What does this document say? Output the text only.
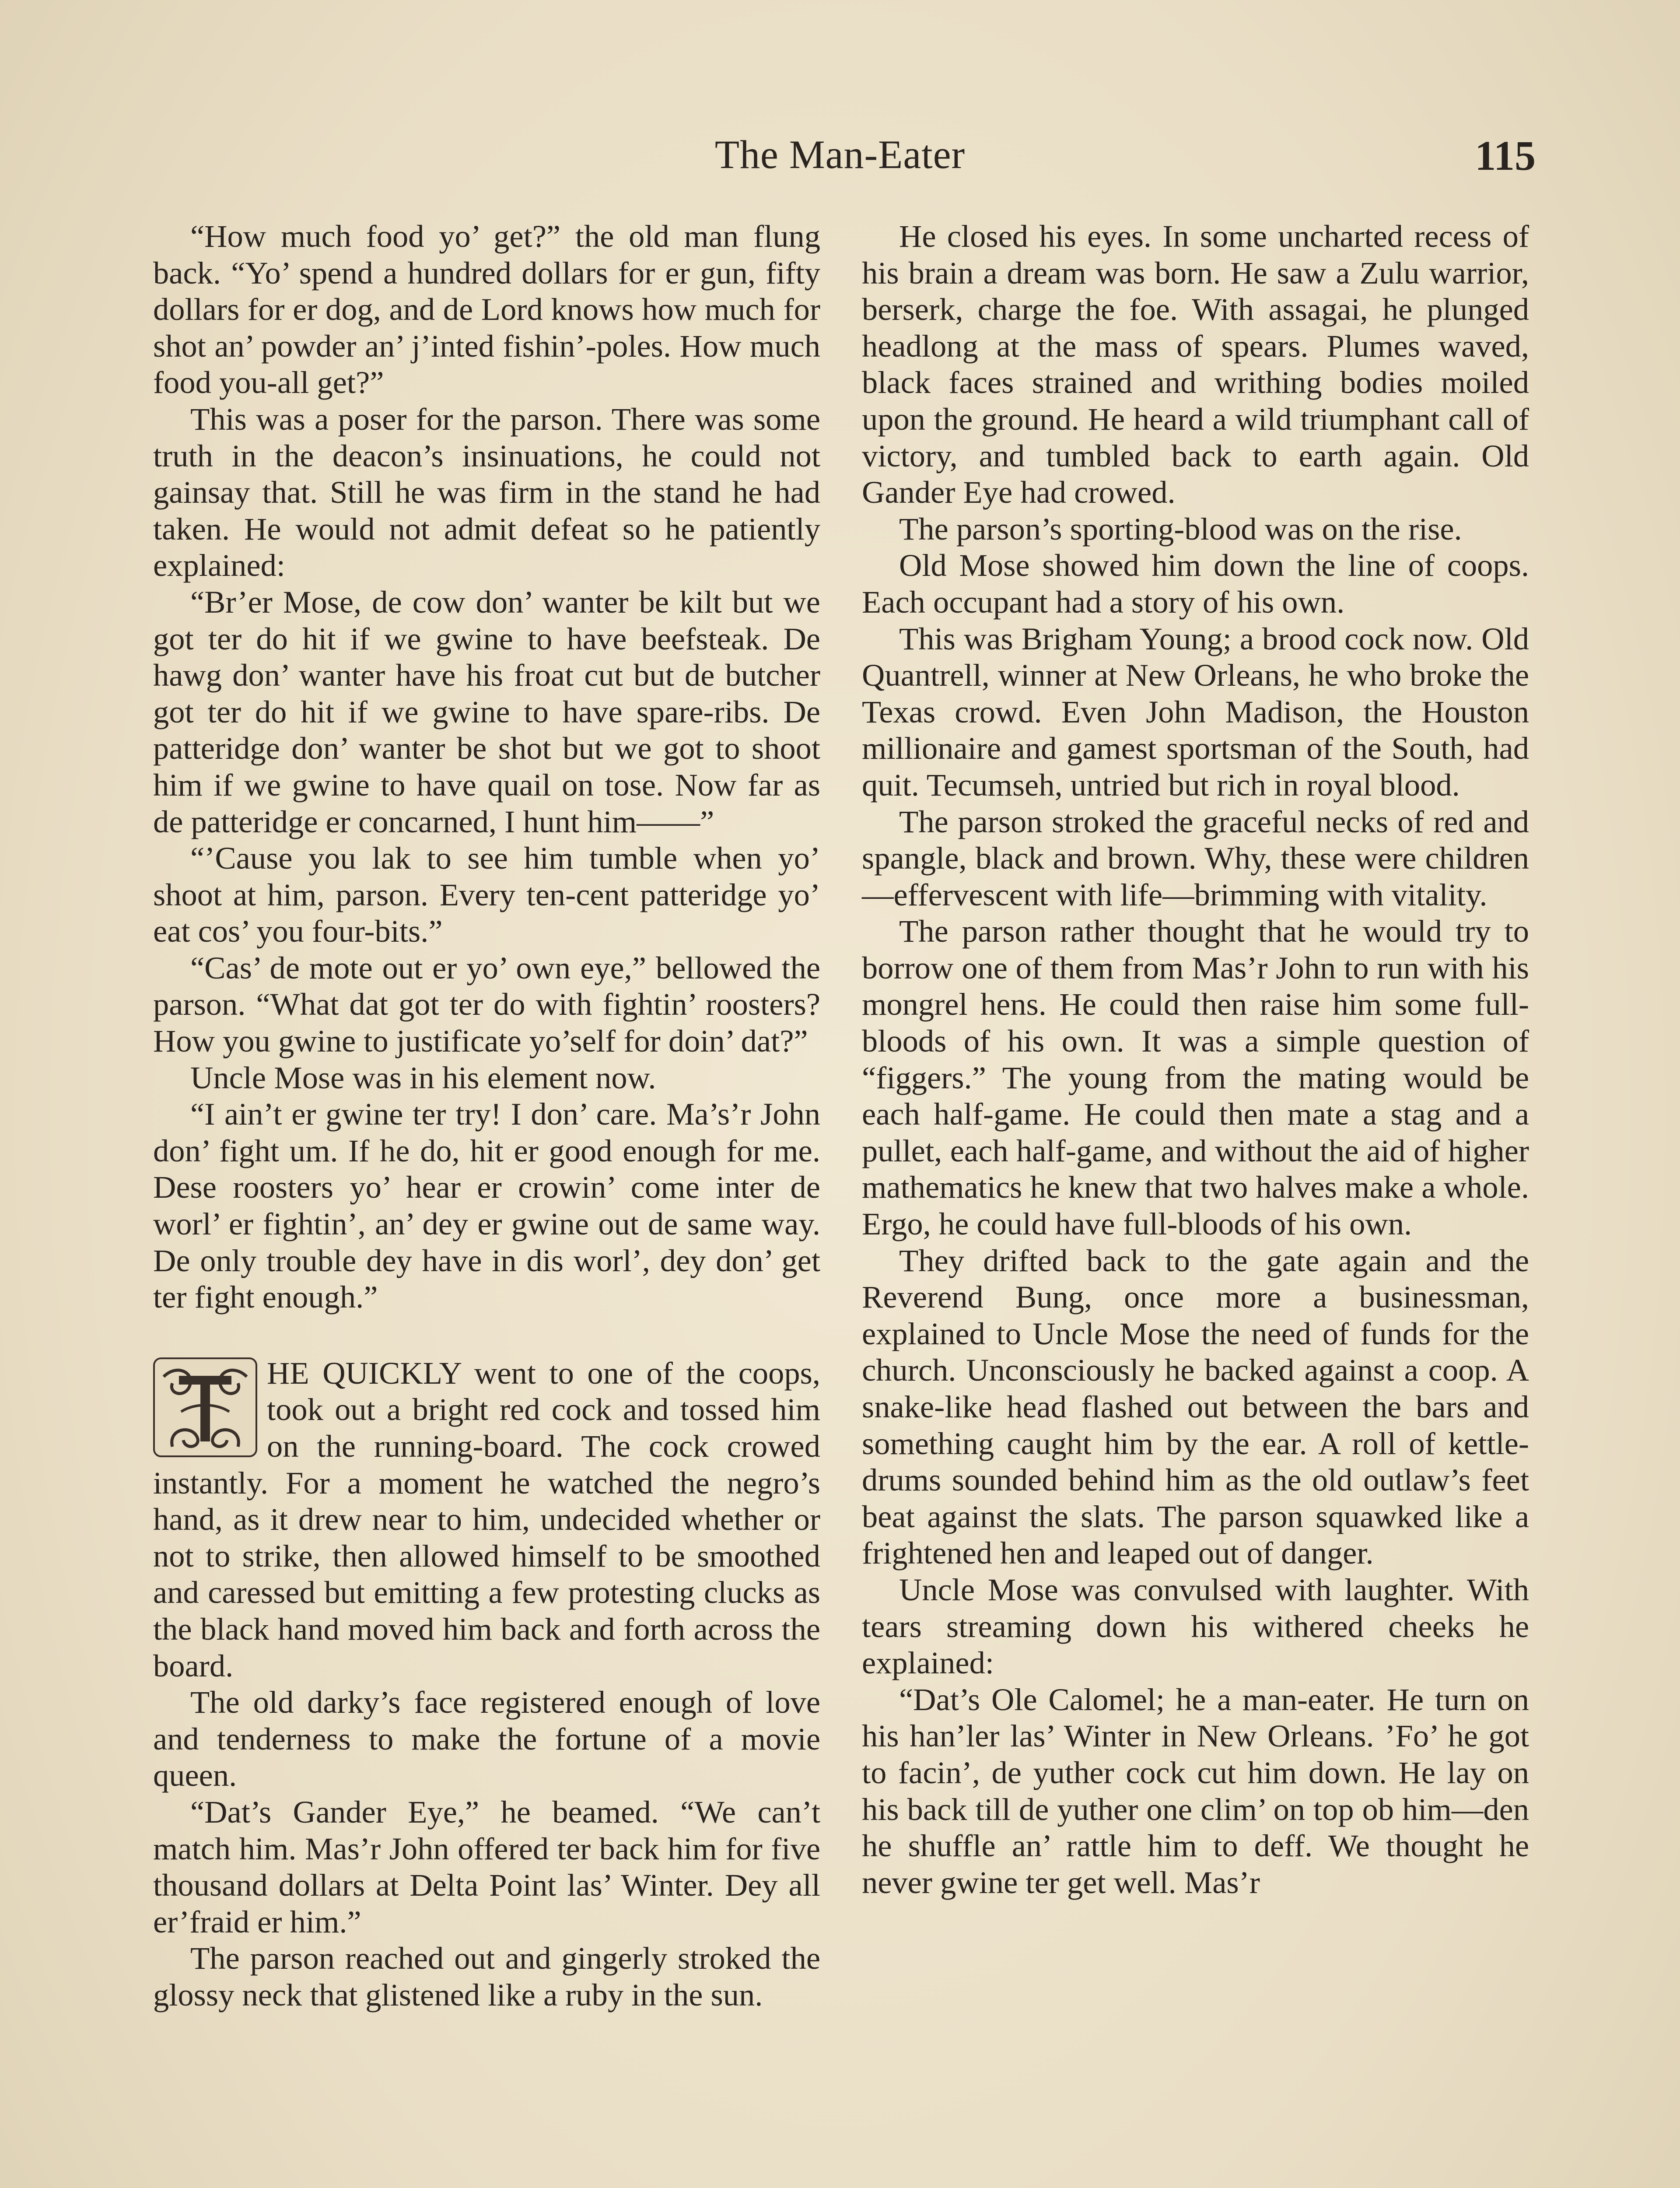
The Man-Eater	115

“How much food yo’ get?” the old man flung back. “Yo’ spend a hundred dollars for er gun, fifty dollars for er dog, and de Lord knows how much for shot an’ powder an’ j’inted fishin’-poles. How much food you-all get?”

This was a poser for the parson. There was some truth in the deacon’s insinuations, he could not gainsay that. Still he was firm in the stand he had taken. He would not admit defeat so he patiently explained:

“Br’er Mose, de cow don’ wanter be kilt but we got ter do hit if we gwine to have beefsteak. De hawg don’ wanter have his froat cut but de butcher got ter do hit if we gwine to have spare-ribs. De patteridge don’ wanter be shot but we got to shoot him if we gwine to have quail on tose. Now far as de patteridge er concarned, I hunt him——”

“’Cause you lak to see him tumble when yo’ shoot at him, parson. Every ten-cent patteridge yo’ eat cos’ you four-bits.”

“Cas’ de mote out er yo’ own eye,” bellowed the parson. “What dat got ter do with fightin’ roosters? How you gwine to justificate yo’self for doin’ dat?”

Uncle Mose was in his element now.

“I ain’t er gwine ter try! I don’ care. Ma’s’r John don’ fight um. If he do, hit er good enough for me. Dese roosters yo’ hear er crowin’ come inter de worl’ er fightin’, an’ dey er gwine out de same way. De only trouble dey have in dis worl’, dey don’ get ter fight enough.”

HE QUICKLY went to one of the coops, took out a bright red cock and tossed him on the running-board. The cock crowed instantly. For a moment he watched the negro’s hand, as it drew near to him, undecided whether or not to strike, then allowed himself to be smoothed and caressed but emitting a few protesting clucks as the black hand moved him back and forth across the board.

The old darky’s face registered enough of love and tenderness to make the fortune of a movie queen.

“Dat’s Gander Eye,” he beamed. “We can’t match him. Mas’r John offered ter back him for five thousand dollars at Delta Point las’ Winter. Dey all er’fraid er him.”

The parson reached out and gingerly stroked the glossy neck that glistened like a ruby in the sun.

He closed his eyes. In some uncharted recess of his brain a dream was born. He saw a Zulu warrior, berserk, charge the foe. With assagai, he plunged headlong at the mass of spears. Plumes waved, black faces strained and writhing bodies moiled upon the ground. He heard a wild triumphant call of victory, and tumbled back to earth again. Old Gander Eye had crowed.

The parson’s sporting-blood was on the rise.

Old Mose showed him down the line of coops. Each occupant had a story of his own.

This was Brigham Young; a brood cock now. Old Quantrell, winner at New Orleans, he who broke the Texas crowd. Even John Madison, the Houston millionaire and gamest sportsman of the South, had quit. Tecumseh, untried but rich in royal blood.

The parson stroked the graceful necks of red and spangle, black and brown. Why, these were children—effervescent with life—brimming with vitality.

The parson rather thought that he would try to borrow one of them from Mas’r John to run with his mongrel hens. He could then raise him some full-bloods of his own. It was a simple question of “figgers.” The young from the mating would be each half-game. He could then mate a stag and a pullet, each half-game, and without the aid of higher mathematics he knew that two halves make a whole. Ergo, he could have full-bloods of his own.

They drifted back to the gate again and the Reverend Bung, once more a businessman, explained to Uncle Mose the need of funds for the church. Unconsciously he backed against a coop. A snake-like head flashed out between the bars and something caught him by the ear. A roll of kettle-drums sounded behind him as the old outlaw’s feet beat against the slats. The parson squawked like a frightened hen and leaped out of danger.

Uncle Mose was convulsed with laughter. With tears streaming down his withered cheeks he explained:

“Dat’s Ole Calomel; he a man-eater. He turn on his han’ler las’ Winter in New Orleans. ’Fo’ he got to facin’, de yuther cock cut him down. He lay on his back till de yuther one clim’ on top ob him—den he shuffle an’ rattle him to deff. We thought he never gwine ter get well. Mas’r
